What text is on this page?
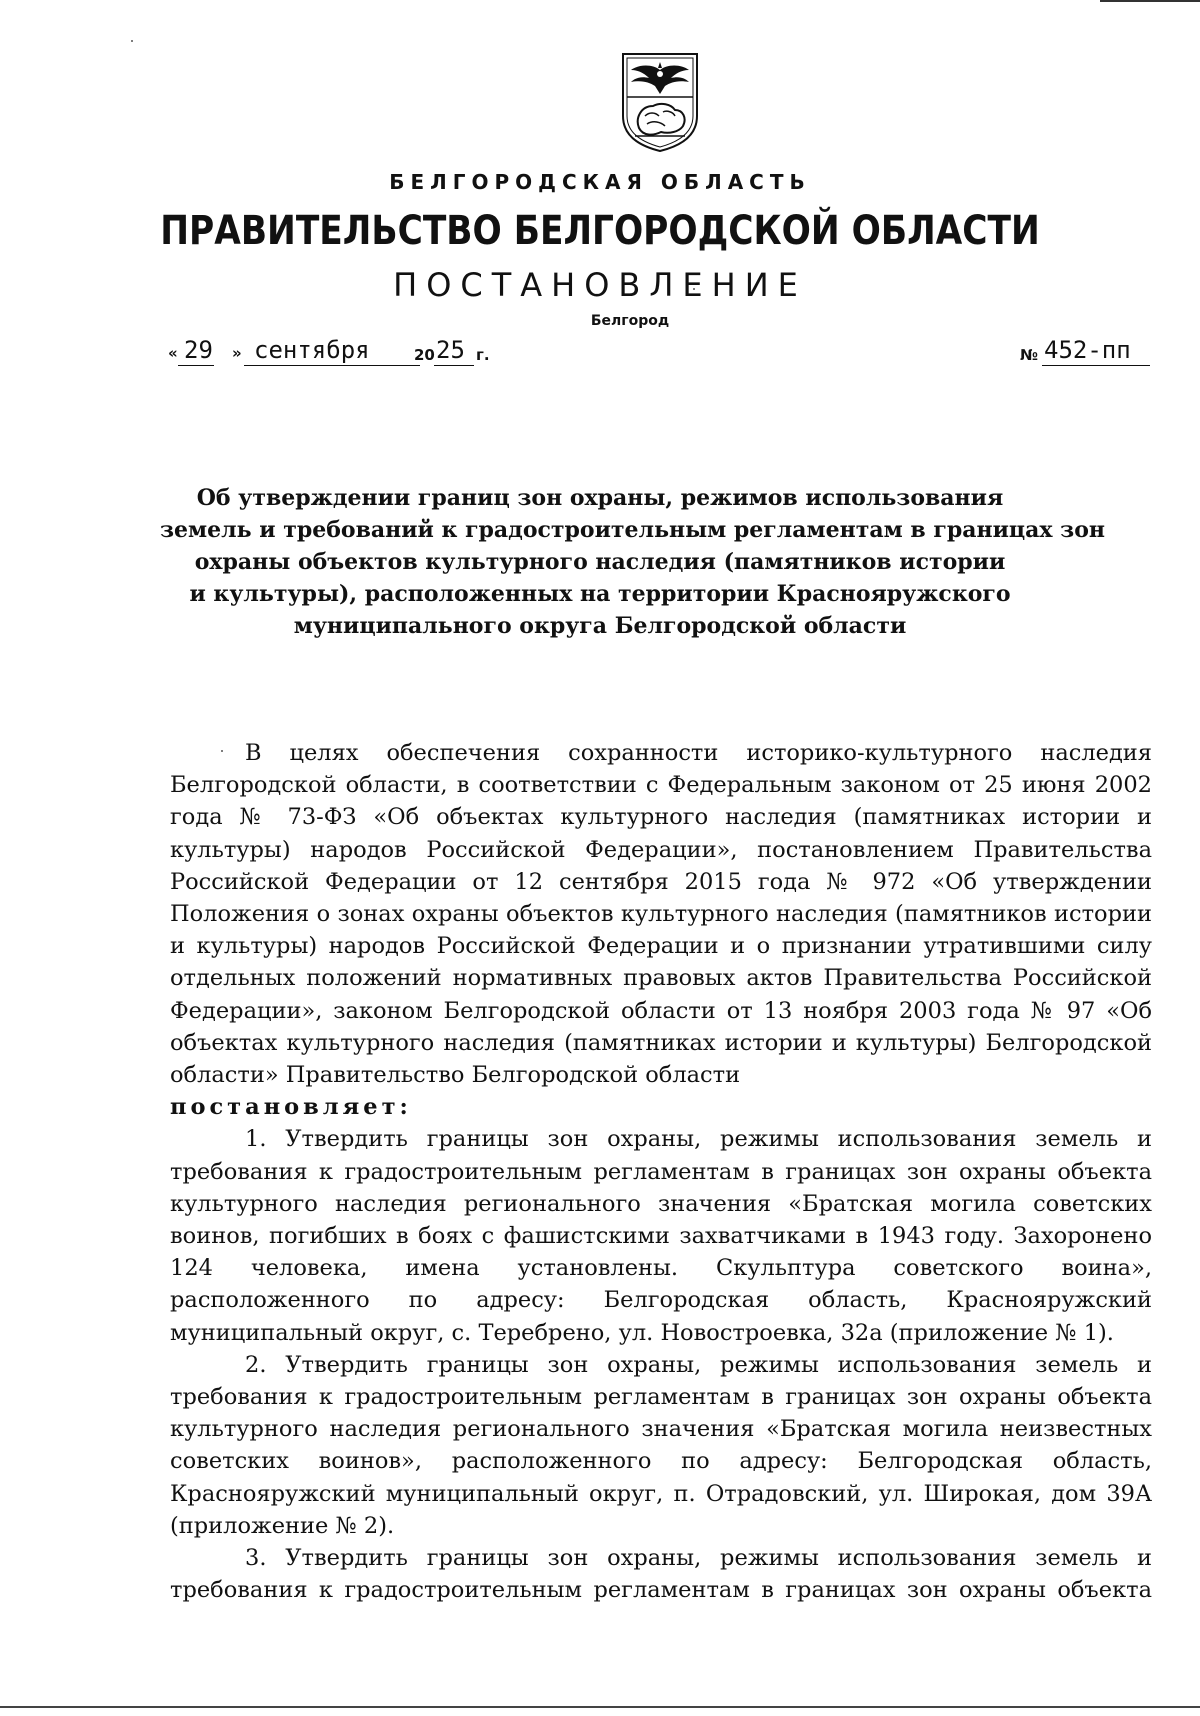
БЕЛГОРОДСКАЯ ОБЛАСТЬ
ПРАВИТЕЛЬСТВО БЕЛГОРОДСКОЙ ОБЛАСТИ
ПОСТАНОВЛЕНИЕ
Белгород
« 29 » сентября	20 25 г.	№ 452-пп
Об утверждении границ зон охраны, режимов использования
земель и требований к градостроительным регламентам в границах зон
охраны объектов культурного наследия (памятников истории
и культуры), расположенных на территории Краснояружского
муниципального округа Белгородской области
В целях обеспечения сохранности историко-культурного наследия Белгородской области, в соответствии с Федеральным законом от 25 июня 2002 года № 73-ФЗ «Об объектах культурного наследия (памятниках истории и культуры) народов Российской Федерации», постановлением Правительства Российской Федерации от 12 сентября 2015 года № 972 «Об утверждении Положения о зонах охраны объектов культурного наследия (памятников истории и культуры) народов Российской Федерации и о признании утратившими силу отдельных положений нормативных правовых актов Правительства Российской Федерации», законом Белгородской области от 13 ноября 2003 года № 97 «Об объектах культурного наследия (памятниках истории и культуры) Белгородской области» Правительство Белгородской области
постановляет:
1. Утвердить границы зон охраны, режимы использования земель и требования к градостроительным регламентам в границах зон охраны объекта культурного наследия регионального значения «Братская могила советских воинов, погибших в боях с фашистскими захватчиками в 1943 году. Захоронено 124 человека, имена установлены. Скульптура советского воина», расположенного по адресу: Белгородская область, Краснояружский муниципальный округ, с. Теребрено, ул. Новостроевка, 32а (приложение № 1).
2. Утвердить границы зон охраны, режимы использования земель и требования к градостроительным регламентам в границах зон охраны объекта культурного наследия регионального значения «Братская могила неизвестных советских воинов», расположенного по адресу: Белгородская область, Краснояружский муниципальный округ, п. Отрадовский, ул. Широкая, дом 39А (приложение № 2).
3. Утвердить границы зон охраны, режимы использования земель и требования к градостроительным регламентам в границах зон охраны объекта
